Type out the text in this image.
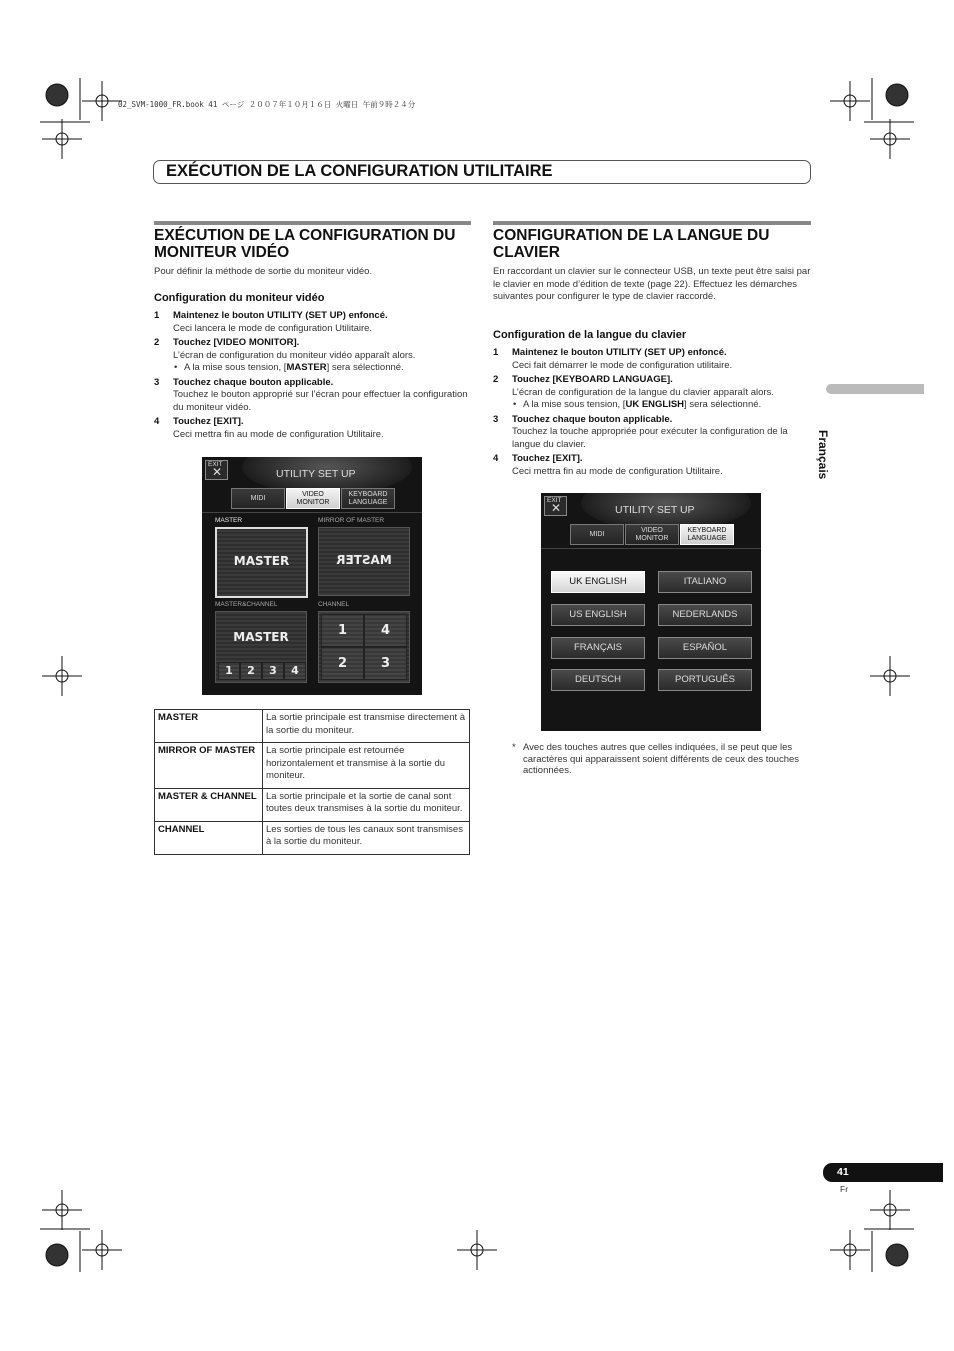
02_SVM-1000_FR.book 41 ページ ２００７年１０月１６日 火曜日 午前９時２４分
EXÉCUTION DE LA CONFIGURATION UTILITAIRE
EXÉCUTION DE LA CONFIGURATION DU MONITEUR VIDÉO
Pour définir la méthode de sortie du moniteur vidéo.
Configuration du moniteur vidéo
1 Maintenez le bouton UTILITY (SET UP) enfoncé.
Ceci lancera le mode de configuration Utilitaire.
2 Touchez [VIDEO MONITOR].
L’écran de configuration du moniteur vidéo apparaît alors.
• A la mise sous tension, [MASTER] sera sélectionné.
3 Touchez chaque bouton applicable.
Touchez le bouton approprié sur l’écran pour effectuer la configuration du moniteur vidéo.
4 Touchez [EXIT].
Ceci mettra fin au mode de configuration Utilitaire.
EXIT
✕	UTILITY SET UP
MIDI
VIDEO
MONITOR
KEYBOARD
LANGUAGE
MASTER	MIRROR OF MASTER
MASTER	MASTER
MASTER&CHANNEL	CHANNEL
MASTER
1	2	3	4
1	4
2	3
MASTER	La sortie principale est transmise directement à la sortie du moniteur.
MIRROR OF MASTER	La sortie principale est retournée horizontalement et transmise à la sortie du moniteur.
MASTER & CHANNEL	La sortie principale et la sortie de canal sont toutes deux transmises à la sortie du moniteur.
CHANNEL	Les sorties de tous les canaux sont transmises à la sortie du moniteur.
CONFIGURATION DE LA LANGUE DU CLAVIER
En raccordant un clavier sur le connecteur USB, un texte peut être saisi par le clavier en mode d’édition de texte (page 22). Effectuez les démarches suivantes pour configurer le type de clavier raccordé.
Configuration de la langue du clavier
1 Maintenez le bouton UTILITY (SET UP) enfoncé.
Ceci fait démarrer le mode de configuration utilitaire.
2 Touchez [KEYBOARD LANGUAGE].
L’écran de configuration de la langue du clavier apparaît alors.
• A la mise sous tension, [UK ENGLISH] sera sélectionné.
3 Touchez chaque bouton applicable.
Touchez la touche appropriée pour exécuter la configuration de la langue du clavier.
4 Touchez [EXIT].
Ceci mettra fin au mode de configuration Utilitaire.
EXIT
✕	UTILITY SET UP
MIDI
VIDEO
MONITOR
KEYBOARD
LANGUAGE
UK ENGLISH	ITALIANO
US ENGLISH	NEDERLANDS
FRANÇAIS	ESPAÑOL
DEUTSCH	PORTUGUÊS
* Avec des touches autres que celles indiquées, il se peut que les caractères qui apparaissent soient différents de ceux des touches actionnées.
Français
41
Fr
